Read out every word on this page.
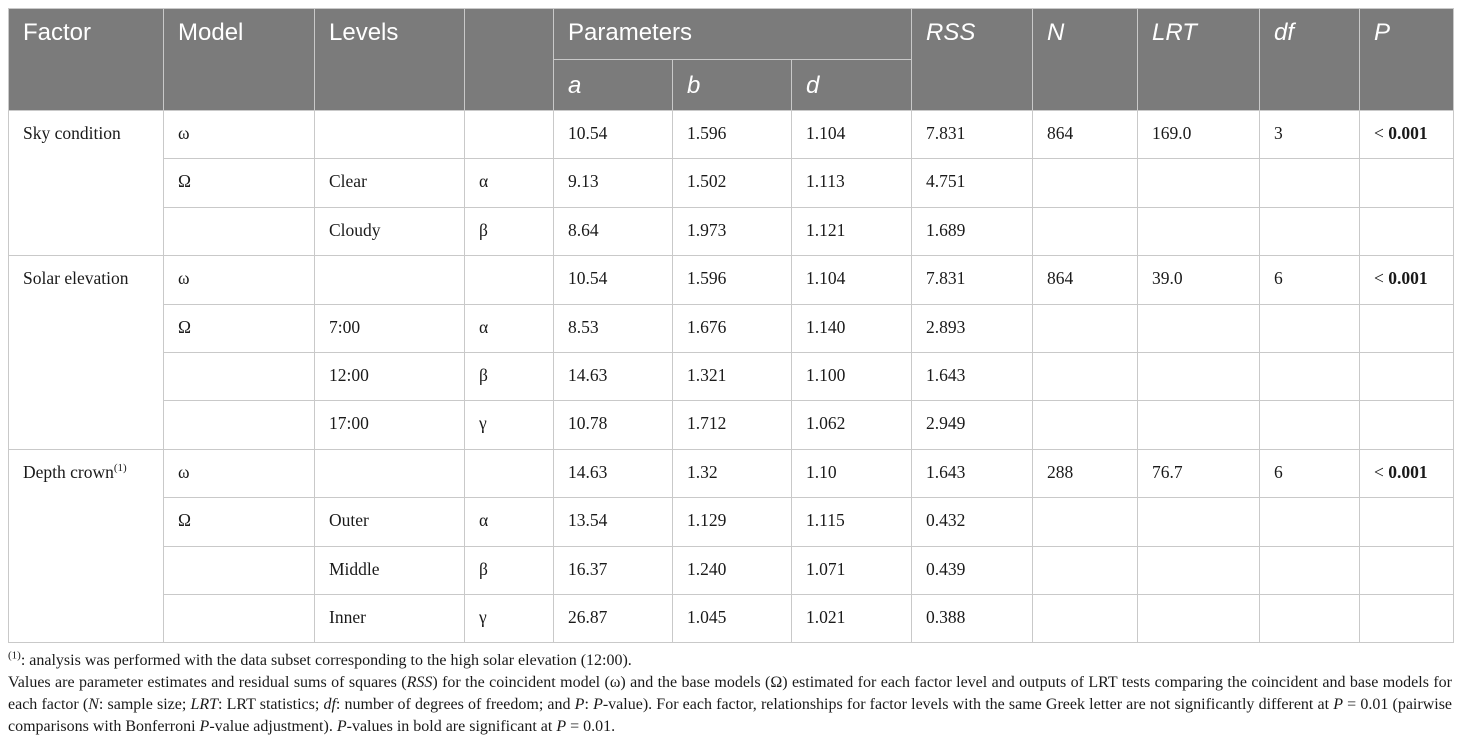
Factor	Model	Levels		Parameters			RSS	N	LRT	df	P
				a	b	d					
Sky condition	ω			10.54	1.596	1.104	7.831	864	169.0	3	< 0.001
	Ω	Clear	α	9.13	1.502	1.113	4.751				
		Cloudy	β	8.64	1.973	1.121	1.689				
Solar elevation	ω			10.54	1.596	1.104	7.831	864	39.0	6	< 0.001
	Ω	7:00	α	8.53	1.676	1.140	2.893				
		12:00	β	14.63	1.321	1.100	1.643				
		17:00	γ	10.78	1.712	1.062	2.949				
Depth crown$^{(1)}$	ω			14.63	1.32	1.10	1.643	288	76.7	6	< 0.001
	Ω	Outer	α	13.54	1.129	1.115	0.432				
		Middle	β	16.37	1.240	1.071	0.439				
		Inner	γ	26.87	1.045	1.021	0.388				

$^{(1)}$: analysis was performed with the data subset corresponding to the high solar elevation (12:00).

Values are parameter estimates and residual sums of squares (RSS) for the coincident model (ω) and the base models (Ω) estimated for each factor level and outputs of LRT tests comparing the coincident and base models for each factor (N: sample size; LRT: LRT statistics; df: number of degrees of freedom; and P: P-value). For each factor, relationships for factor levels with the same Greek letter are not significantly different at P = 0.01 (pairwise comparisons with Bonferroni P-value adjustment). P-values in bold are significant at P = 0.01.
